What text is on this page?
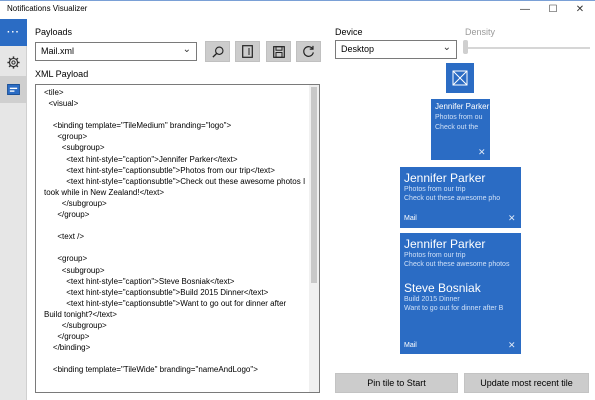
Notifications Visualizer	—	☐	✕
··· Payloads
Mail.xml	⌄
XML Payload
<tile>
<visual>

<binding template="TileMedium" branding="logo">
<group>
<subgroup>
<text hint-style="caption">Jennifer Parker</text>
<text hint-style="captionsubtle">Photos from our trip</text>
<text hint-style="captionsubtle">Check out these awesome photos I took while in New Zealand!</text>
</subgroup>
</group>

<text />

<group>
<subgroup>
<text hint-style="caption">Steve Bosniak</text>
<text hint-style="captionsubtle">Build 2015 Dinner</text>
<text hint-style="captionsubtle">Want to go out for dinner after Build tonight?</text>
</subgroup>
</group>
</binding>

<binding template="TileWide" branding="nameAndLogo">
Device
Desktop	⌄
Density
Jennifer Parker
Photos from ou
Check out the
✕
Jennifer Parker
Photos from our trip
Check out these awesome pho
Mail	✕
Jennifer Parker
Photos from our trip
Check out these awesome photos
Steve Bosniak
Build 2015 Dinner
Want to go out for dinner after B
Mail	✕
Pin tile to Start	Update most recent tile
